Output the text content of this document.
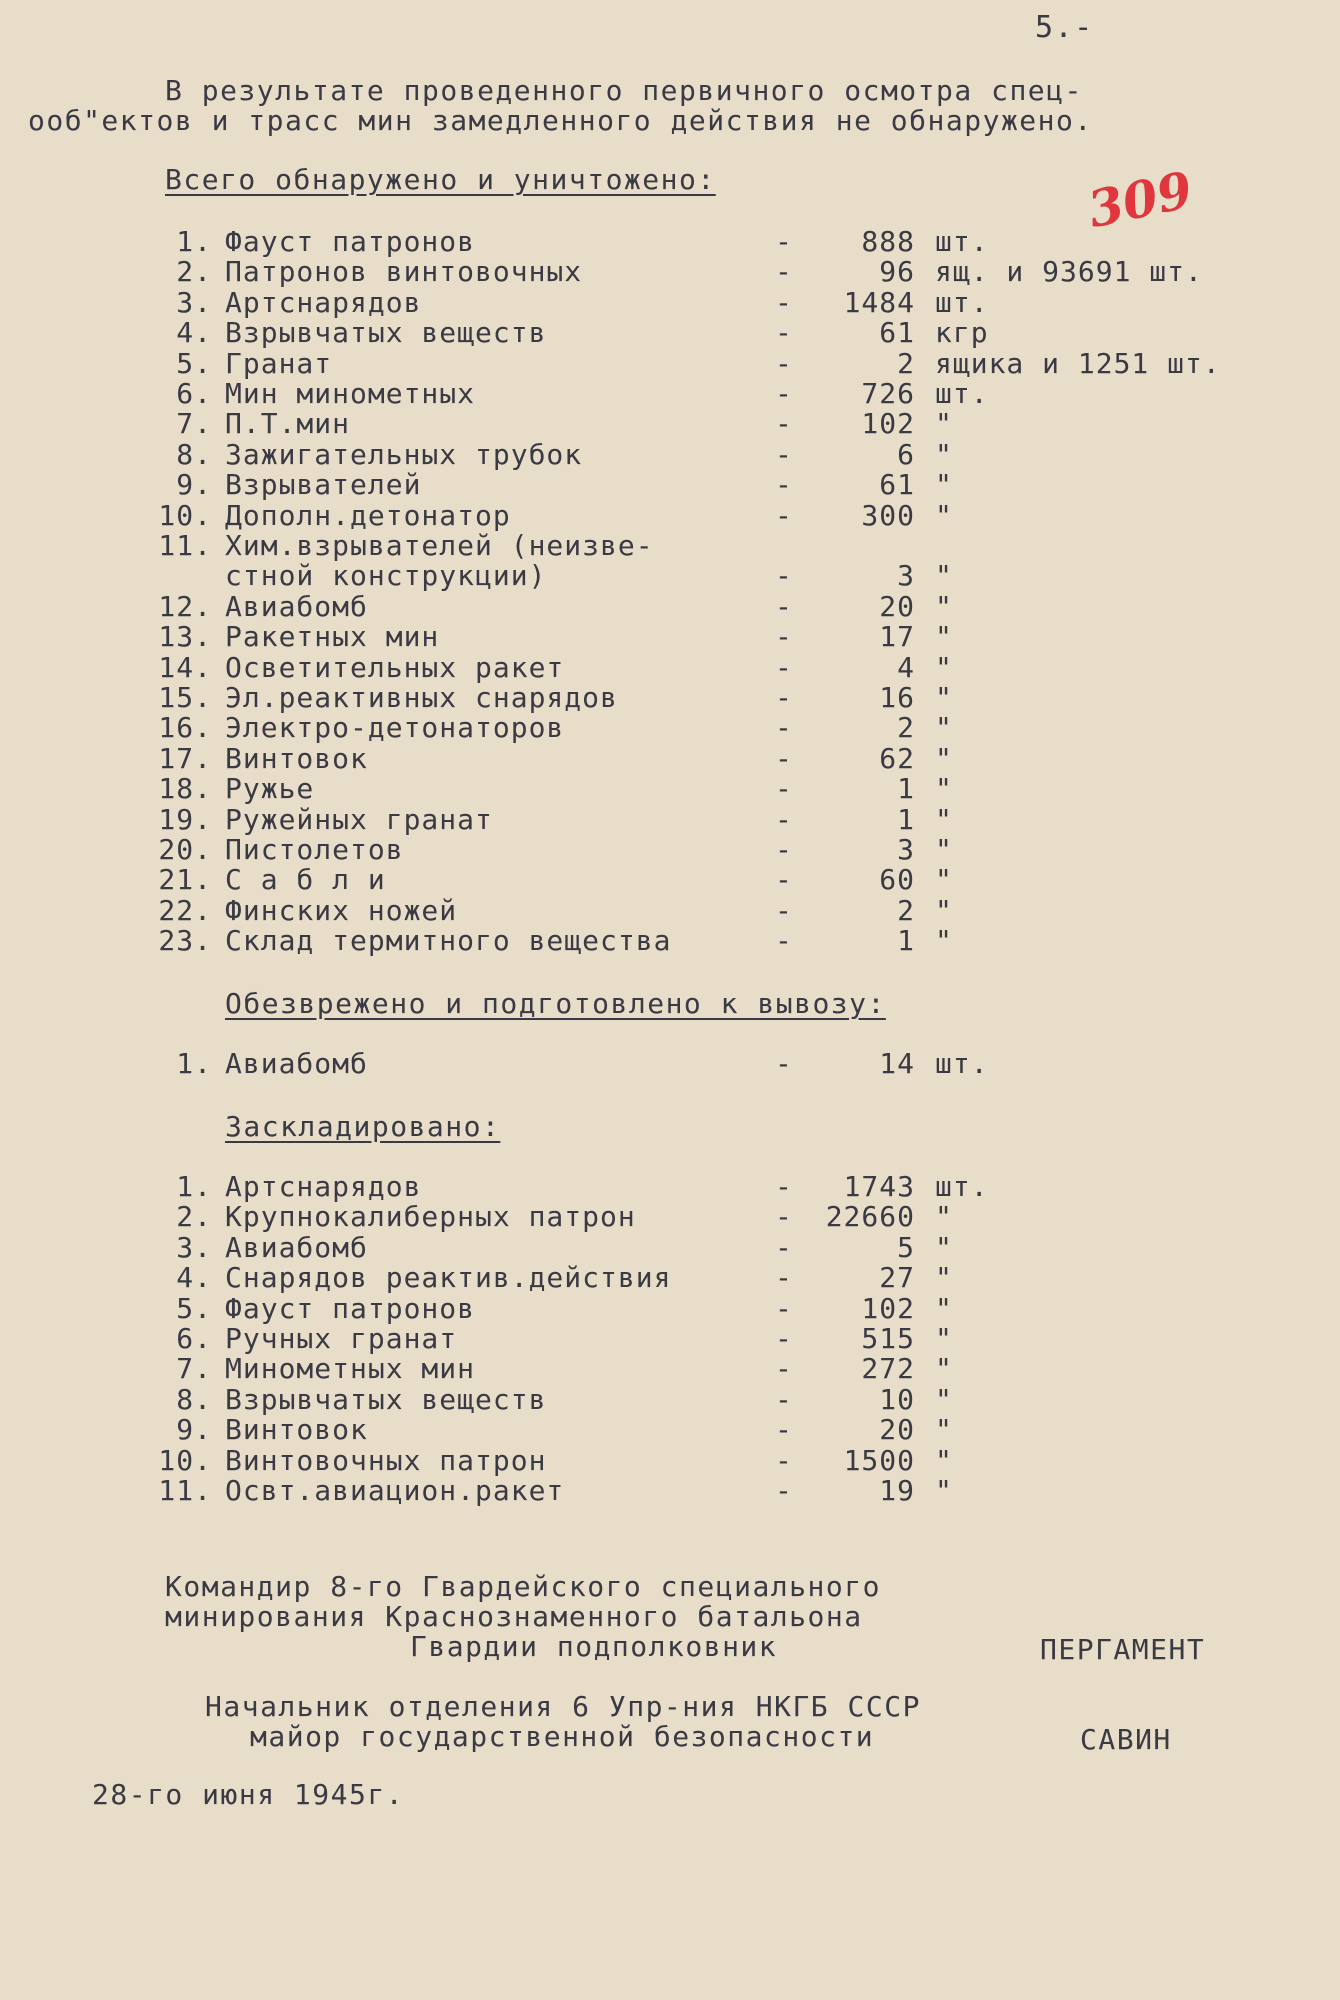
5.-
309
В результате проведенного первичного осмотра спец-
ооб"ектов и трасс мин замедленного действия не обнаружено.
Всего обнаружено и уничтожено:
1. Фауст патронов	-	888 шт.
2. Патронов винтовочных	-	96 ящ. и 93691 шт.
3. Артснарядов	-	1484 шт.
4. Взрывчатых веществ	-	61 кгр
5. Гранат	-	2 ящика и 1251 шт.
6. Мин минометных	-	726 шт.
7. П.Т.мин	-	102 "
8. Зажигательных трубок	-	6 "
9. Взрывателей	-	61 "
10. Дополн.детонатор	-	300 "
11. Хим.взрывателей (неизве-
стной конструкции)	-	3 "
12. Авиабомб	-	20 "
13. Ракетных мин	-	17 "
14. Осветительных ракет	-	4 "
15. Эл.реактивных снарядов	-	16 "
16. Электро-детонаторов	-	2 "
17. Винтовок	-	62 "
18. Ружье	-	1 "
19. Ружейных гранат	-	1 "
20. Пистолетов	-	3 "
21. С а б л и	-	60 "
22. Финских ножей	-	2 "
23. Склад термитного вещества	-	1 "
Обезврежено и подготовлено к вывозу:
1. Авиабомб	-	14 шт.
Заскладировано:
1. Артснарядов	-	1743 шт.
2. Крупнокалиберных патрон	-	22660 "
3. Авиабомб	-	5 "
4. Снарядов реактив.действия	-	27 "
5. Фауст патронов	-	102 "
6. Ручных гранат	-	515 "
7. Минометных мин	-	272 "
8. Взрывчатых веществ	-	10 "
9. Винтовок	-	20 "
10. Винтовочных патрон	-	1500 "
11. Освт.авиацион.ракет	-	19 "
Командир 8-го Гвардейского специального
минирования Краснознаменного батальона
Гвардии подполковник	ПЕРГАМЕНТ
Начальник отделения 6 Упр-ния НКГБ СССР
майор государственной безопасности	САВИН
28-го июня 1945г.
